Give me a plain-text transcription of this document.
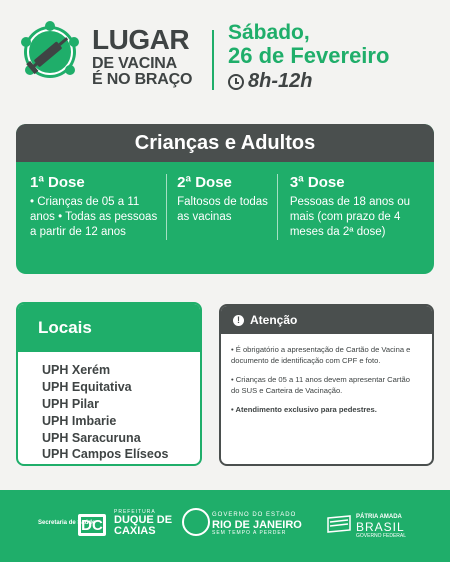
LUGAR
DE VACINA
É NO BRAÇO
Sábado,
26 de Fevereiro
8h-12h
Crianças e Adultos
1ª Dose

• Crianças de 05 a 11 anos • Todas as pessoas a partir de 12 anos

2ª Dose

Faltosos de todas as vacinas

3ª Dose

Pessoas de 18 anos ou mais (com prazo de 4 meses da 2ª dose)

Locais
UPH Xerém
UPH Equitativa
UPH Pilar
UPH Imbarie
UPH Saracuruna
UPH Campos Elíseos
! Atenção

• É obrigatório a apresentação de Cartão de Vacina e documento de identificação com CPF e foto.

• Crianças de 05 a 11 anos devem apresentar Cartão do SUS e Carteira de Vacinação.

• Atendimento exclusivo para pedestres.

Secretaria de Saúde
DC
PREFEITURA
DUQUE DE
CAXIAS
GOVERNO DO ESTADO
RIO DE JANEIRO
SEM TEMPO A PERDER
PÁTRIA AMADA
BRASIL
GOVERNO FEDERAL
